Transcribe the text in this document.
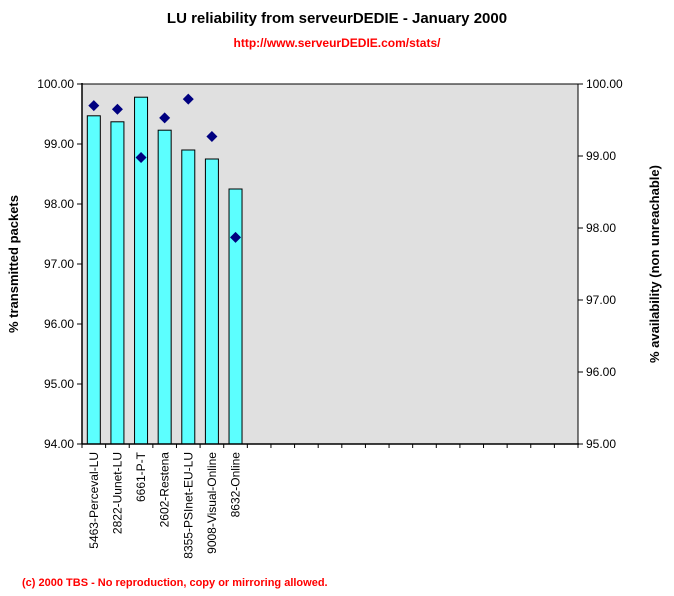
LU reliability from serveurDEDIE - January 2000
http://www.serveurDEDIE.com/stats/
% transmitted packets	% availability (non unreachable)
100.00
99.00
98.00
97.00
96.00
95.00
94.00
100.00
99.00
98.00
97.00
96.00
95.00
5463-Perceval-LU 2822-Uunet-LU 6661-P-T 2602-Restena 8355-PSInet-EU-LU 9008-Visual-Online 8632-Online
(c) 2000 TBS - No reproduction, copy or mirroring allowed.
